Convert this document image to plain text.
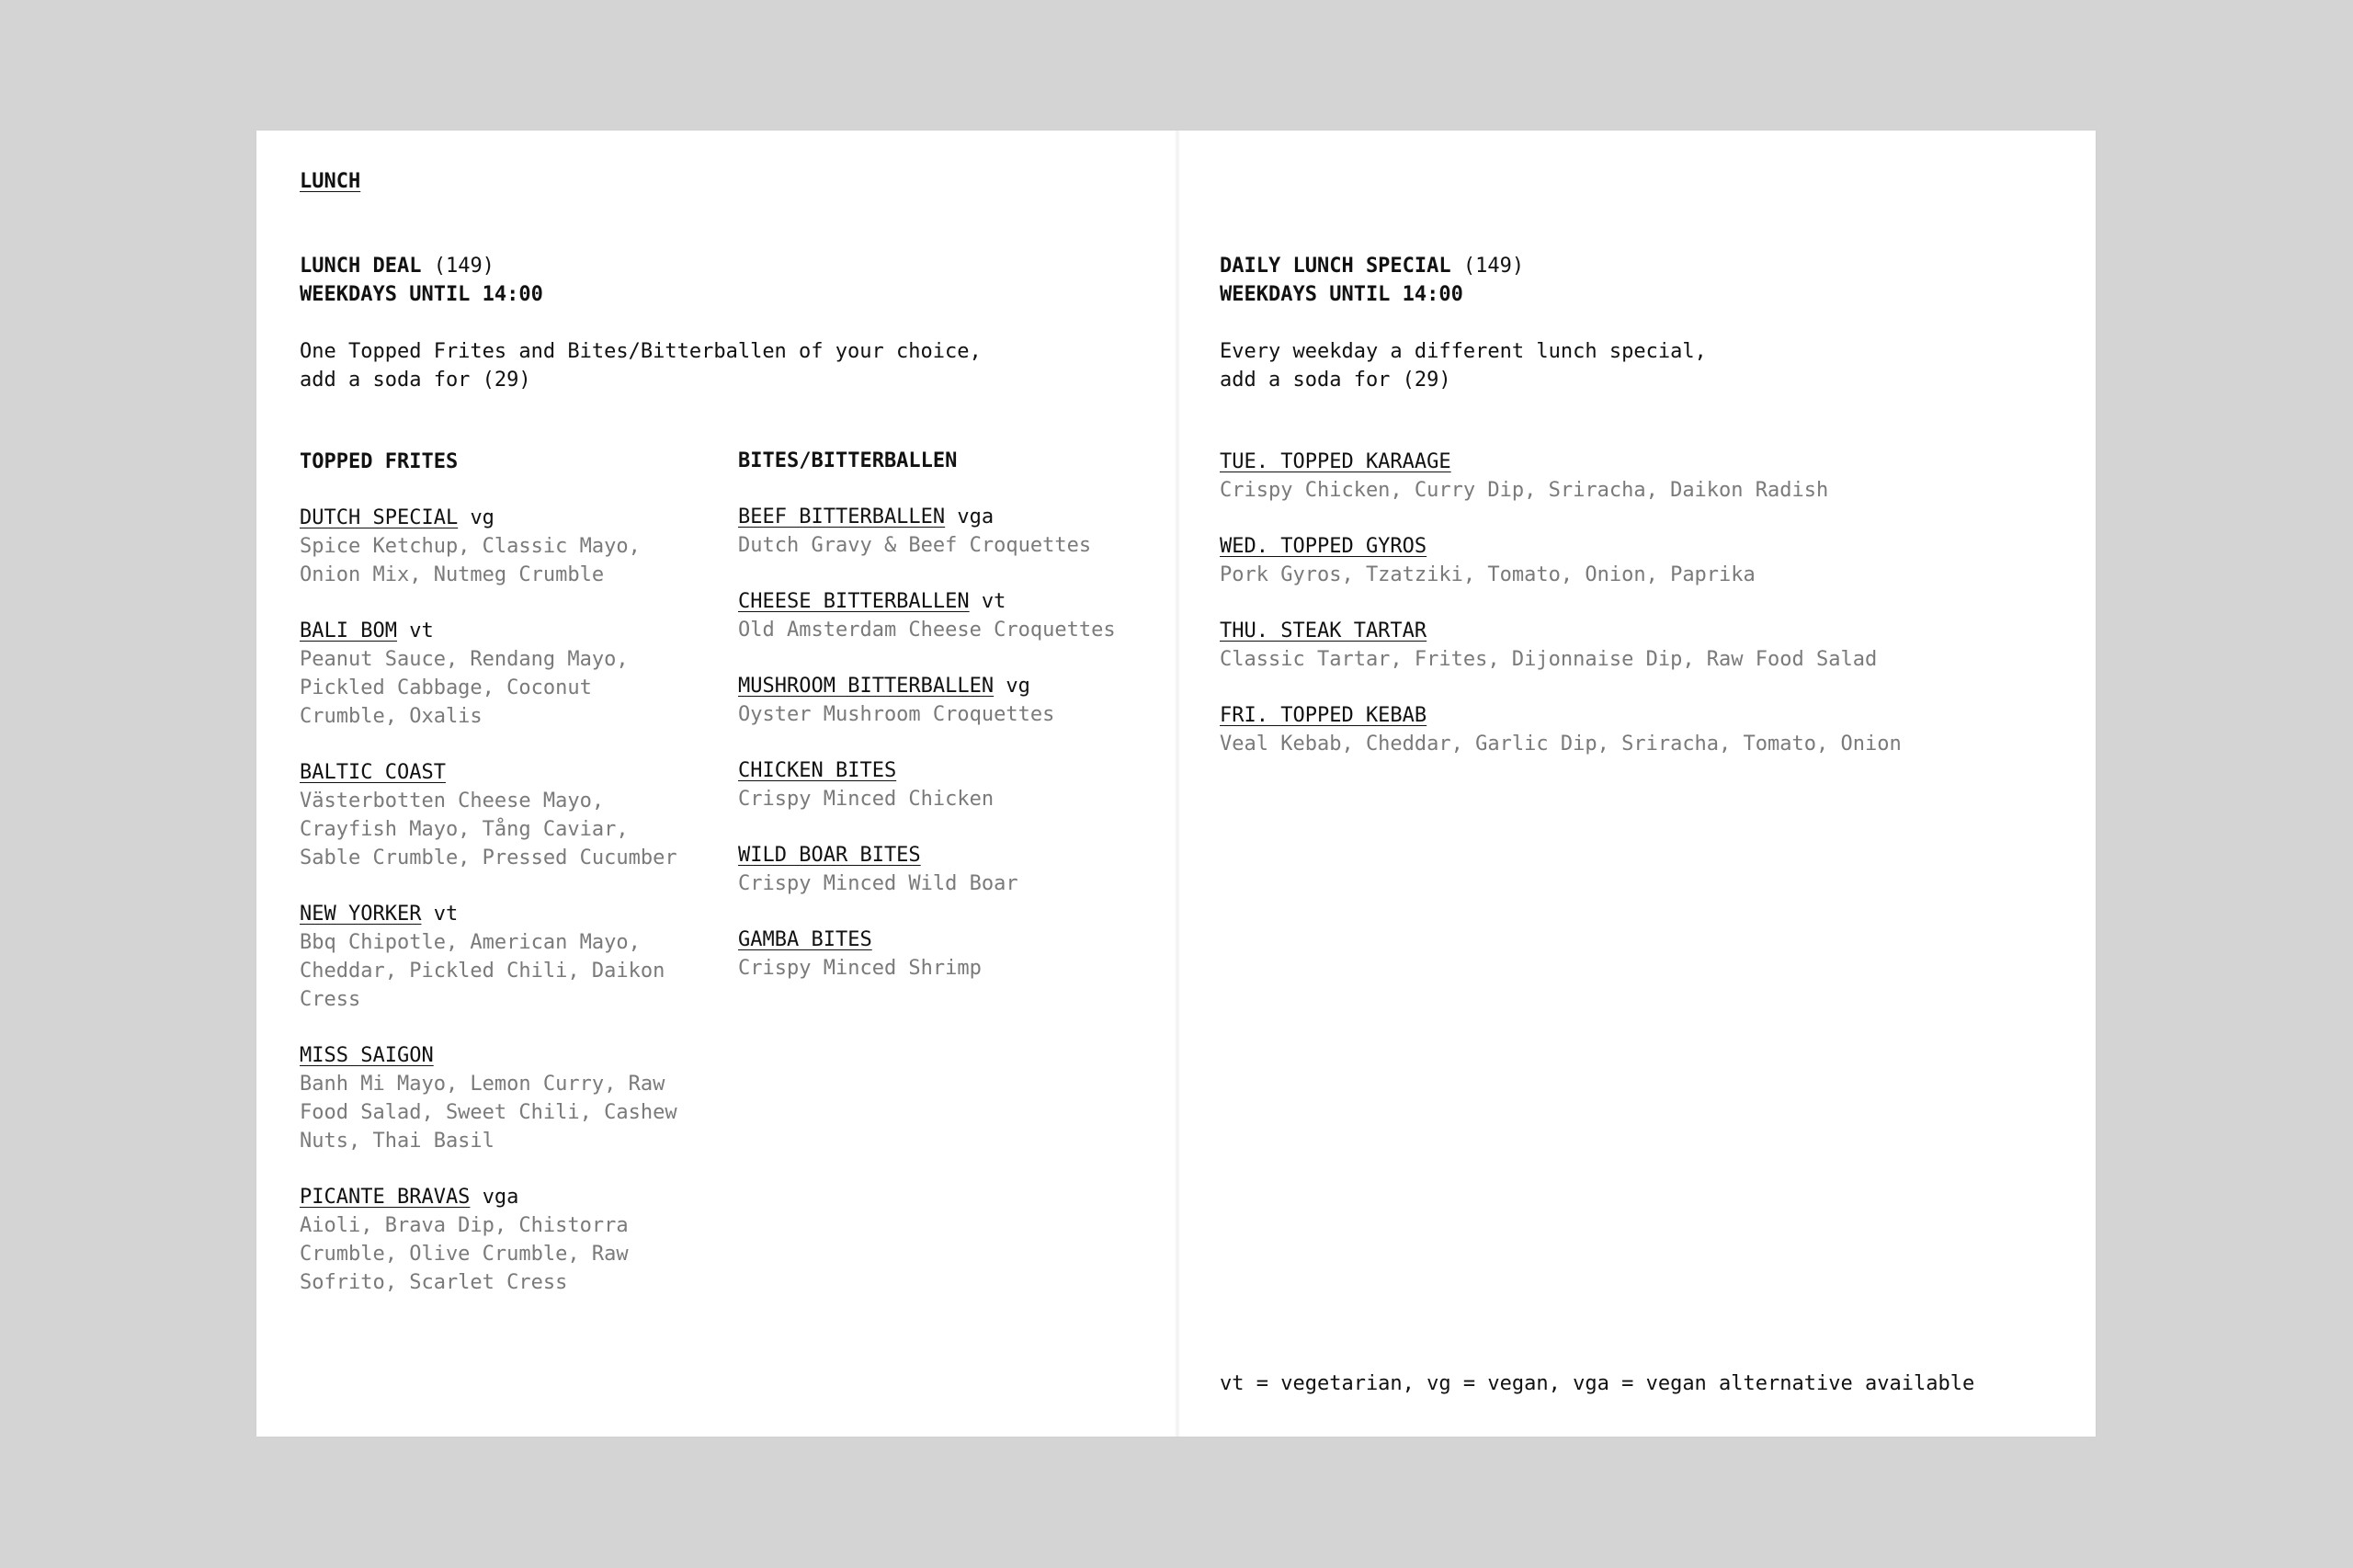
LUNCH
LUNCH DEAL (149)
WEEKDAYS UNTIL 14:00
One Topped Frites and Bites/Bitterballen of your choice,
add a soda for (29)
TOPPED FRITES
DUTCH SPECIAL vg
Spice Ketchup, Classic Mayo,
Onion Mix, Nutmeg Crumble
BALI BOM vt
Peanut Sauce, Rendang Mayo,
Pickled Cabbage, Coconut
Crumble, Oxalis
BALTIC COAST
Västerbotten Cheese Mayo,
Crayfish Mayo, Tång Caviar,
Sable Crumble, Pressed Cucumber
NEW YORKER vt
Bbq Chipotle, American Mayo,
Cheddar, Pickled Chili, Daikon
Cress
MISS SAIGON
Banh Mi Mayo, Lemon Curry, Raw
Food Salad, Sweet Chili, Cashew
Nuts, Thai Basil
PICANTE BRAVAS vga
Aioli, Brava Dip, Chistorra
Crumble, Olive Crumble, Raw
Sofrito, Scarlet Cress
BITES/BITTERBALLEN
BEEF BITTERBALLEN vga
Dutch Gravy & Beef Croquettes
CHEESE BITTERBALLEN vt
Old Amsterdam Cheese Croquettes
MUSHROOM BITTERBALLEN vg
Oyster Mushroom Croquettes
CHICKEN BITES
Crispy Minced Chicken
WILD BOAR BITES
Crispy Minced Wild Boar
GAMBA BITES
Crispy Minced Shrimp
DAILY LUNCH SPECIAL (149)
WEEKDAYS UNTIL 14:00
Every weekday a different lunch special,
add a soda for (29)
TUE. TOPPED KARAAGE
Crispy Chicken, Curry Dip, Sriracha, Daikon Radish
WED. TOPPED GYROS
Pork Gyros, Tzatziki, Tomato, Onion, Paprika
THU. STEAK TARTAR
Classic Tartar, Frites, Dijonnaise Dip, Raw Food Salad
FRI. TOPPED KEBAB
Veal Kebab, Cheddar, Garlic Dip, Sriracha, Tomato, Onion
vt = vegetarian, vg = vegan, vga = vegan alternative available
